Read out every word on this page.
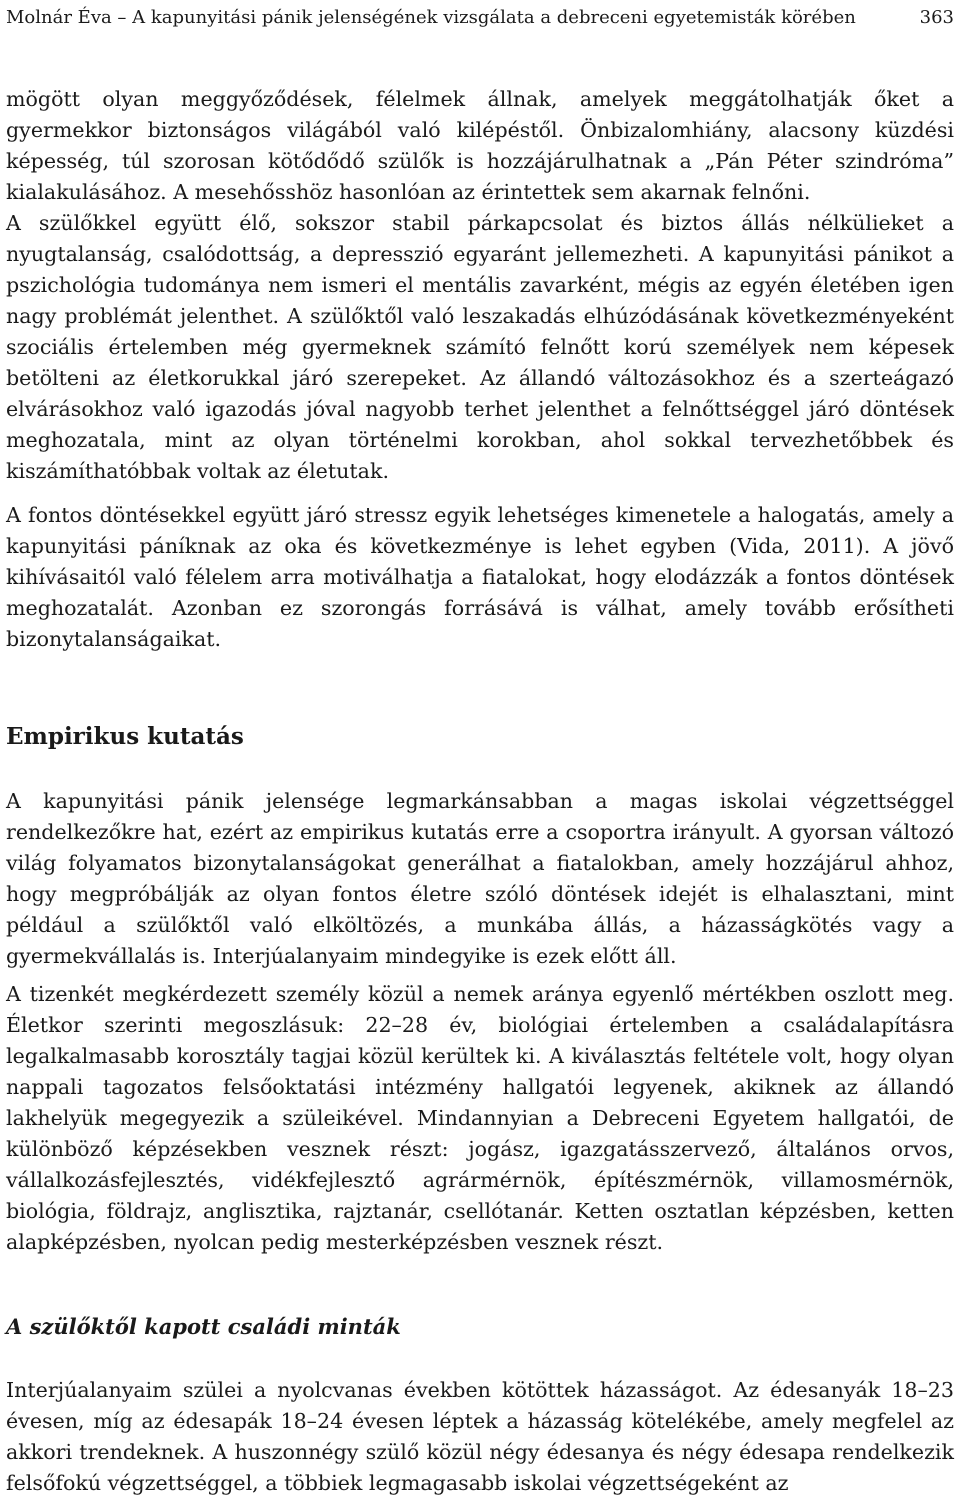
Molnár Éva – A kapunyitási pánik jelenségének vizsgálata a debreceni egyetemisták körében	363

mögött olyan meggyőződések, félelmek állnak, amelyek meggátolhatják őket a gyermekkor biztonságos világából való kilépéstől. Önbizalomhiány, alacsony küzdési képesség, túl szorosan kötődődő szülők is hozzájárulhatnak a „Pán Péter szindróma” kialakulásához. A mesehősshöz hasonlóan az érintettek sem akarnak felnőni.

A szülőkkel együtt élő, sokszor stabil párkapcsolat és biztos állás nélkülieket a nyugtalanság, csalódottság, a depresszió egyaránt jellemezheti. A kapunyitási pánikot a pszichológia tudománya nem ismeri el mentális zavarként, mégis az egyén életében igen nagy problémát jelenthet. A szülőktől való leszakadás elhúzódásának következményeként szociális értelemben még gyermeknek számító felnőtt korú személyek nem képesek betölteni az életkorukkal járó szerepeket. Az állandó változásokhoz és a szerteágazó elvárásokhoz való igazodás jóval nagyobb terhet jelenthet a felnőttséggel járó döntések meghozatala, mint az olyan történelmi korokban, ahol sokkal tervezhetőbbek és kiszámíthatóbbak voltak az életutak.

A fontos döntésekkel együtt járó stressz egyik lehetséges kimenetele a halogatás, amely a kapunyitási páníknak az oka és következménye is lehet egyben (Vida, 2011). A jövő kihívásaitól való félelem arra motiválhatja a fiatalokat, hogy elodázzák a fontos döntések meghozatalát. Azonban ez szorongás forrásává is válhat, amely tovább erősítheti bizonytalanságaikat.

Empirikus kutatás

A kapunyitási pánik jelensége legmarkánsabban a magas iskolai végzettséggel rendelkezőkre hat, ezért az empirikus kutatás erre a csoportra irányult. A gyorsan változó világ folyamatos bizonytalanságokat generálhat a fiatalokban, amely hozzájárul ahhoz, hogy megpróbálják az olyan fontos életre szóló döntések idejét is elhalasztani, mint például a szülőktől való elköltözés, a munkába állás, a házasságkötés vagy a gyermekvállalás is. Interjúalanyaim mindegyike is ezek előtt áll.

A tizenkét megkérdezett személy közül a nemek aránya egyenlő mértékben oszlott meg. Életkor szerinti megoszlásuk: 22–28 év, biológiai értelemben a családalapításra legalkalmasabb korosztály tagjai közül kerültek ki. A kiválasztás feltétele volt, hogy olyan nappali tagozatos felsőoktatási intézmény hallgatói legyenek, akiknek az állandó lakhelyük megegyezik a szüleikével. Mindannyian a Debreceni Egyetem hallgatói, de különböző képzésekben vesznek részt: jogász, igazgatásszervező, általános orvos, vállalkozásfejlesztés, vidékfejlesztő agrármérnök, építészmérnök, villamosmérnök, biológia, földrajz, anglisztika, rajztanár, csellótanár. Ketten osztatlan képzésben, ketten alapképzésben, nyolcan pedig mesterképzésben vesznek részt.

A szülőktől kapott családi minták

Interjúalanyaim szülei a nyolcvanas években kötöttek házasságot. Az édesanyák 18–23 évesen, míg az édesapák 18–24 évesen léptek a házasság kötelékébe, amely megfelel az akkori trendeknek. A huszonnégy szülő közül négy édesanya és négy édesapa rendelkezik felsőfokú végzettséggel, a többiek legmagasabb iskolai végzettségeként az
